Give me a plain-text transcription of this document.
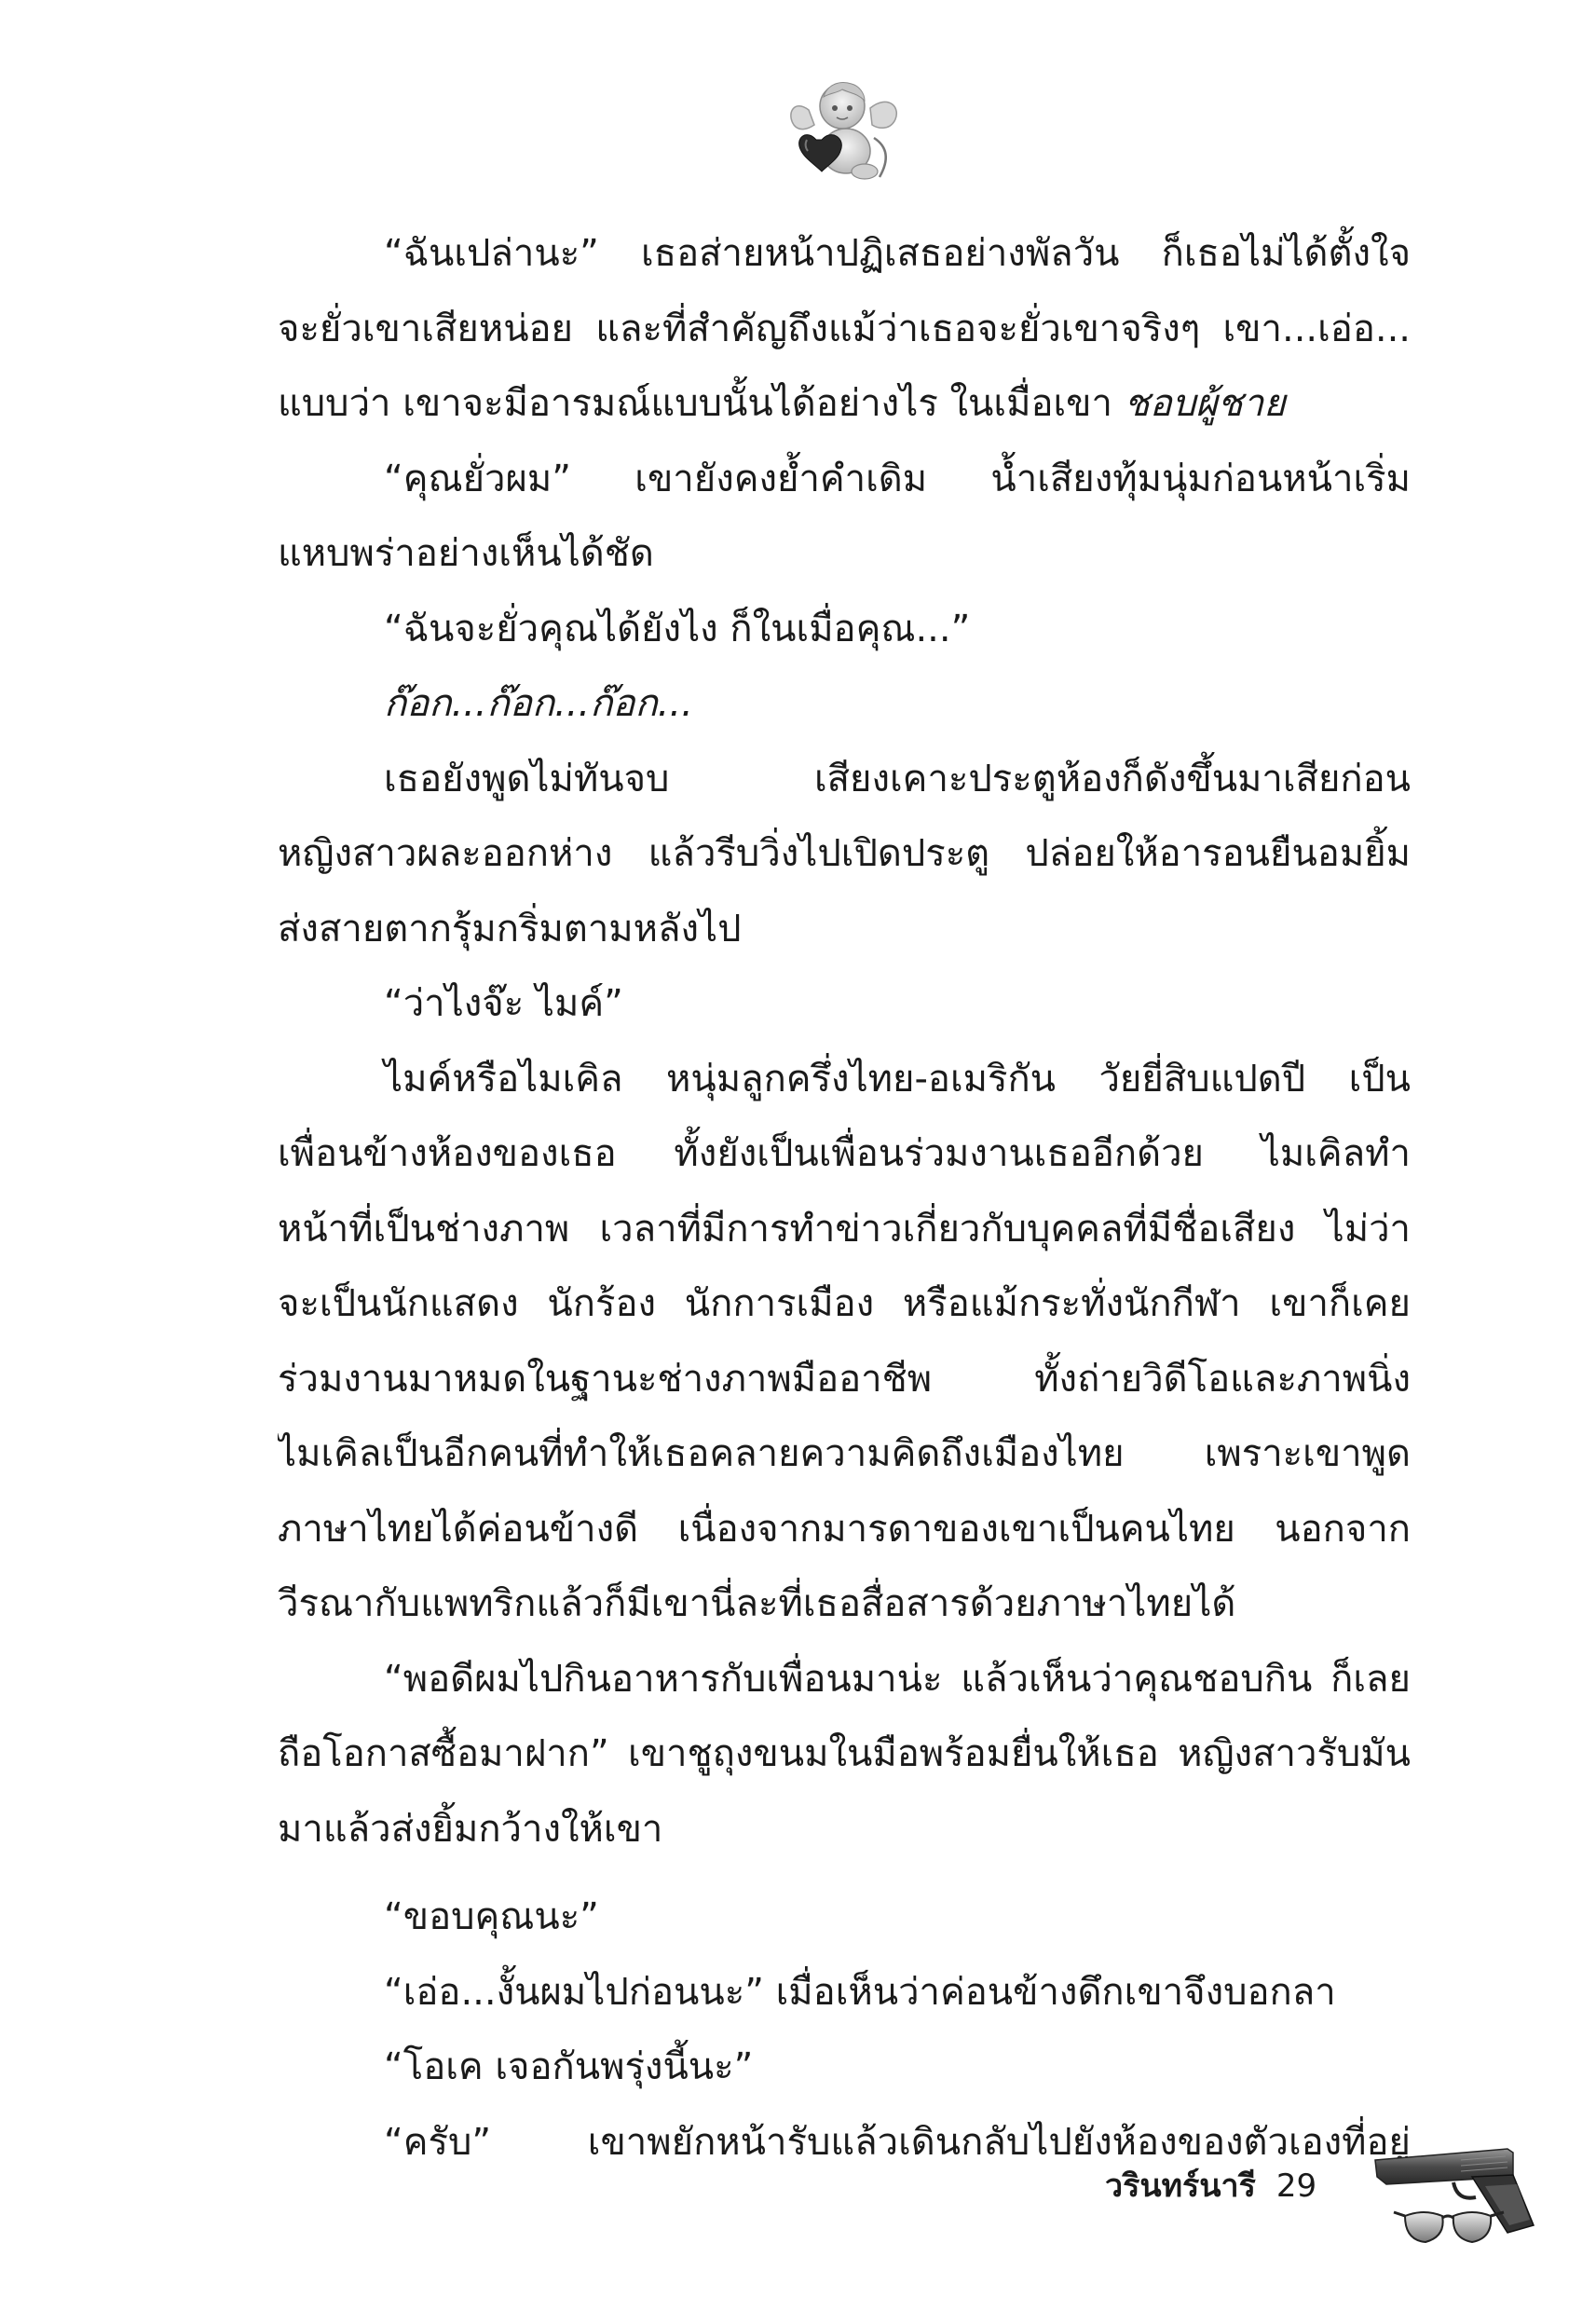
“ฉันเปล่านะ” เธอส่ายหน้าปฏิเสธอย่างพัลวัน ก็เธอไม่ได้ตั้งใจ
จะยั่วเขาเสียหน่อย และที่สำคัญถึงแม้ว่าเธอจะยั่วเขาจริงๆ เขา...เอ่อ...
แบบว่า เขาจะมีอารมณ์แบบนั้นได้อย่างไร ในเมื่อเขา ชอบผู้ชาย
“คุณยั่วผม” เขายังคงย้ำคำเดิม น้ำเสียงทุ้มนุ่มก่อนหน้าเริ่ม
แหบพร่าอย่างเห็นได้ชัด
“ฉันจะยั่วคุณได้ยังไง ก็ในเมื่อคุณ...”
ก๊อก...ก๊อก...ก๊อก...
เธอยังพูดไม่ทันจบ เสียงเคาะประตูห้องก็ดังขึ้นมาเสียก่อน
หญิงสาวผละออกห่าง แล้วรีบวิ่งไปเปิดประตู ปล่อยให้อารอนยืนอมยิ้ม
ส่งสายตากรุ้มกริ่มตามหลังไป
“ว่าไงจ๊ะ ไมค์”
ไมค์หรือไมเคิล หนุ่มลูกครึ่งไทย-อเมริกัน วัยยี่สิบแปดปี เป็น
เพื่อนข้างห้องของเธอ ทั้งยังเป็นเพื่อนร่วมงานเธออีกด้วย ไมเคิลทำ
หน้าที่เป็นช่างภาพ เวลาที่มีการทำข่าวเกี่ยวกับบุคคลที่มีชื่อเสียง ไม่ว่า
จะเป็นนักแสดง นักร้อง นักการเมือง หรือแม้กระทั่งนักกีฬา เขาก็เคย
ร่วมงานมาหมดในฐานะช่างภาพมืออาชีพ ทั้งถ่ายวิดีโอและภาพนิ่ง
ไมเคิลเป็นอีกคนที่ทำให้เธอคลายความคิดถึงเมืองไทย เพราะเขาพูด
ภาษาไทยได้ค่อนข้างดี เนื่องจากมารดาของเขาเป็นคนไทย นอกจาก
วีรณากับแพทริกแล้วก็มีเขานี่ละที่เธอสื่อสารด้วยภาษาไทยได้
“พอดีผมไปกินอาหารกับเพื่อนมาน่ะ แล้วเห็นว่าคุณชอบกิน ก็เลย
ถือโอกาสซื้อมาฝาก” เขาชูถุงขนมในมือพร้อมยื่นให้เธอ หญิงสาวรับมัน
มาแล้วส่งยิ้มกว้างให้เขา
“ขอบคุณนะ”
“เอ่อ...งั้นผมไปก่อนนะ” เมื่อเห็นว่าค่อนข้างดึกเขาจึงบอกลา
“โอเค เจอกันพรุ่งนี้นะ”
“ครับ” เขาพยักหน้ารับแล้วเดินกลับไปยังห้องของตัวเองที่อยู่
วรินทร์นารี 29
